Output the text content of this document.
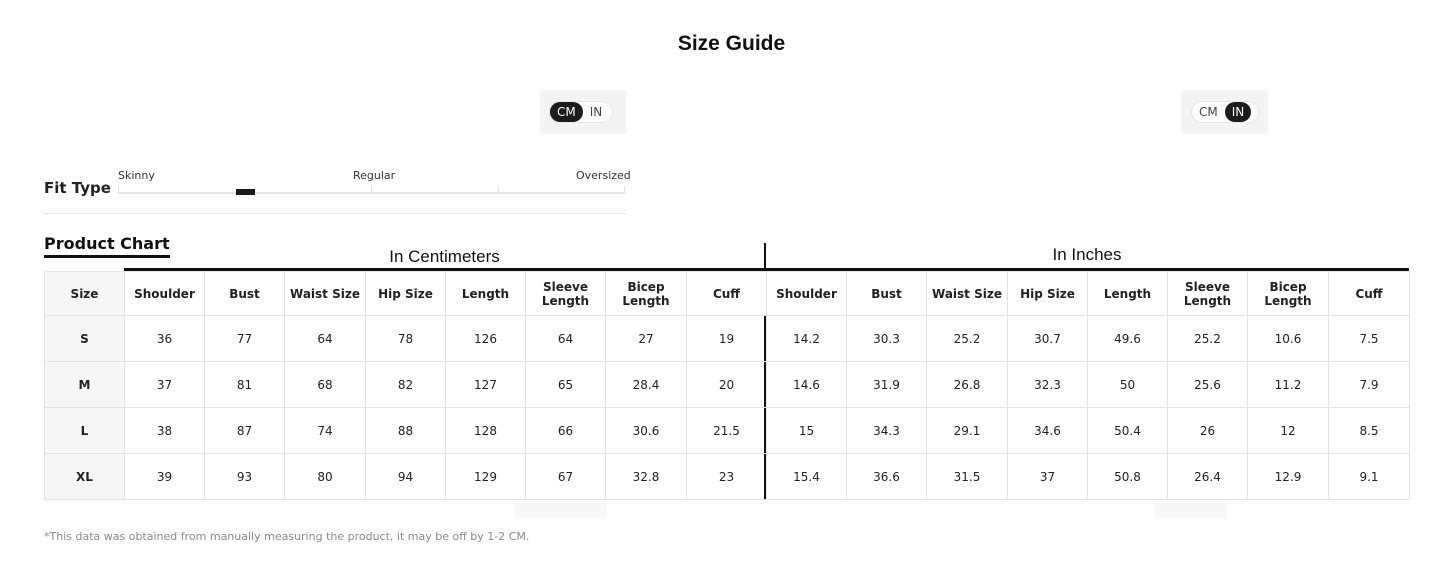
Size Guide
CM	IN	CM	IN
Fit Type
Skinny	Regular	Oversized
Product Chart
In Centimeters	In Inches
Size	Shoulder	Bust	Waist Size	Hip Size	Length	Sleeve Length	Bicep Length	Cuff	Shoulder	Bust	Waist Size	Hip Size	Length	Sleeve Length	Bicep Length	Cuff
S	36	77	64	78	126	64	27	19	14.2	30.3	25.2	30.7	49.6	25.2	10.6	7.5
M	37	81	68	82	127	65	28.4	20	14.6	31.9	26.8	32.3	50	25.6	11.2	7.9
L	38	87	74	88	128	66	30.6	21.5	15	34.3	29.1	34.6	50.4	26	12	8.5
XL	39	93	80	94	129	67	32.8	23	15.4	36.6	31.5	37	50.8	26.4	12.9	9.1
*This data was obtained from manually measuring the product, it may be off by 1-2 CM.
